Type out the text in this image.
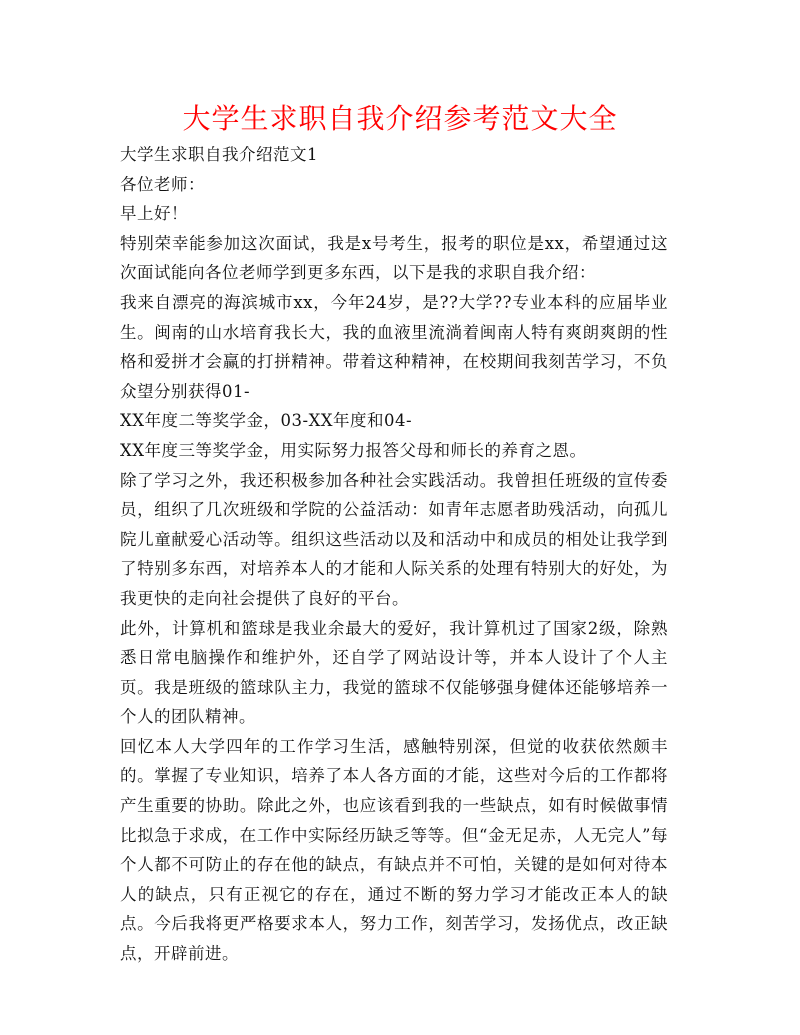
大学生求职自我介绍参考范文大全

大学生求职自我介绍范文1

各位老师：

早上好！

特别荣幸能参加这次面试，我是x号考生，报考的职位是xx，希望通过这次面试能向各位老师学到更多东西，以下是我的求职自我介绍：

我来自漂亮的海滨城市xx，今年24岁，是??大学??专业本科的应届毕业生。闽南的山水培育我长大，我的血液里流淌着闽南人特有爽朗爽朗的性格和爱拼才会赢的打拼精神。带着这种精神，在校期间我刻苦学习，不负众望分别获得01-

XX年度二等奖学金，03-XX年度和04-

XX年度三等奖学金，用实际努力报答父母和师长的养育之恩。

除了学习之外，我还积极参加各种社会实践活动。我曾担任班级的宣传委员，组织了几次班级和学院的公益活动：如青年志愿者助残活动，向孤儿院儿童献爱心活动等。组织这些活动以及和活动中和成员的相处让我学到了特别多东西，对培养本人的才能和人际关系的处理有特别大的好处，为我更快的走向社会提供了良好的平台。

此外，计算机和篮球是我业余最大的爱好，我计算机过了国家2级，除熟悉日常电脑操作和维护外，还自学了网站设计等，并本人设计了个人主页。我是班级的篮球队主力，我觉的篮球不仅能够强身健体还能够培养一个人的团队精神。

回忆本人大学四年的工作学习生活，感触特别深，但觉的收获依然颇丰的。掌握了专业知识，培养了本人各方面的才能，这些对今后的工作都将产生重要的协助。除此之外，也应该看到我的一些缺点，如有时候做事情比拟急于求成，在工作中实际经历缺乏等等。但“金无足赤，人无完人”每个人都不可防止的存在他的缺点，有缺点并不可怕，关键的是如何对待本人的缺点，只有正视它的存在，通过不断的努力学习才能改正本人的缺点。今后我将更严格要求本人，努力工作，刻苦学习，发扬优点，改正缺点，开辟前进。
